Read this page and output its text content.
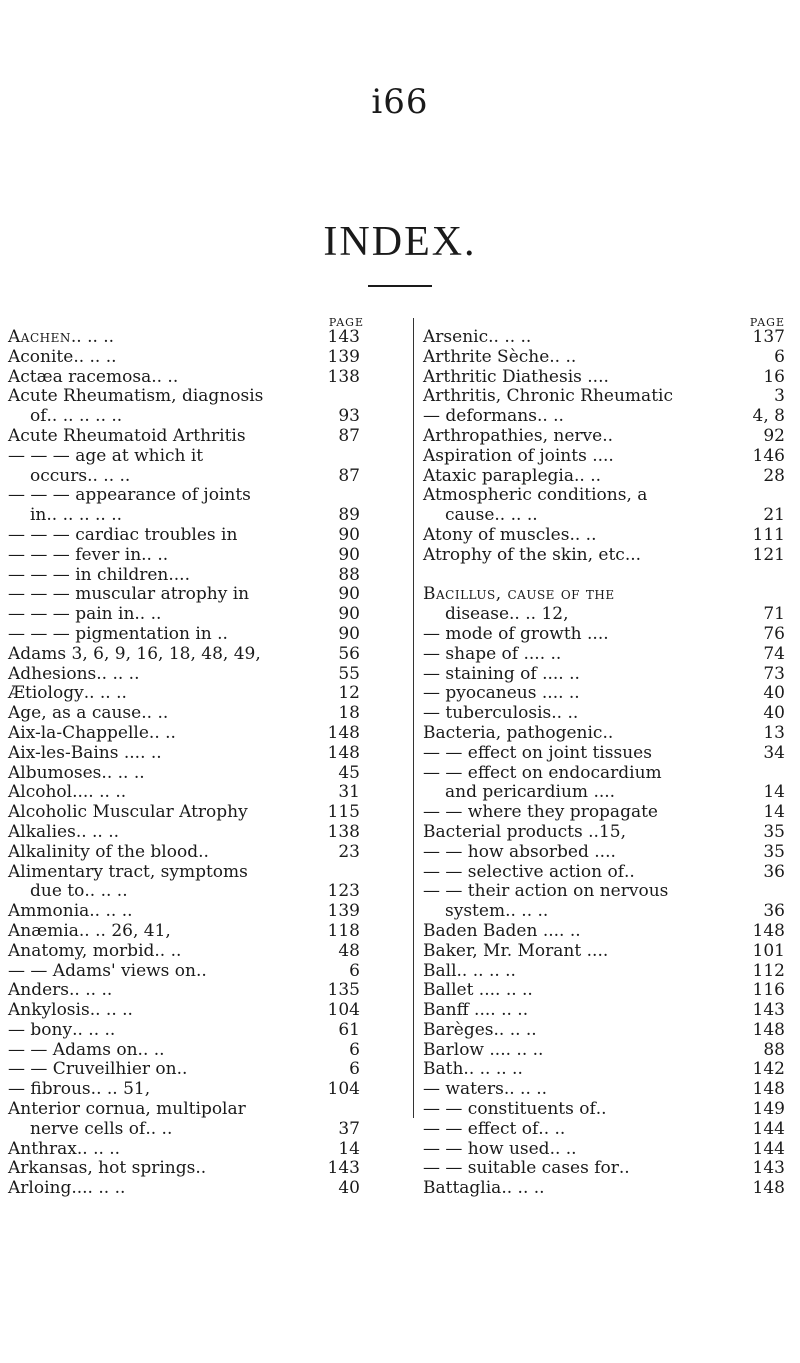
i66
INDEX.
PAGE	PAGE
Aachen .. .. ..	143
Aconite .. .. ..	139
Actæa racemosa .. ..	138
Acute Rheumatism, diagnosis
of .. .. .. .. ..	93
Acute Rheumatoid Arthritis	87
— — — age at which it
occurs .. .. ..	87
— — — appearance of joints
in .. .. .. .. ..	89
— — — cardiac troubles in	90
— — — fever in .. ..	90
— — — in children.. ..	88
— — — muscular atrophy in	90
— — — pain in .. ..	90
— — — pigmentation in ..	90
Adams 3, 6, 9, 16, 18, 48, 49,	56
Adhesions .. .. ..	55
Ætiology .. .. ..	12
Age, as a cause .. ..	18
Aix-la-Chappelle .. ..	148
Aix-les-Bains .. .. ..	148
Albumoses .. .. ..	45
Alcohol.. .. .. ..	31
Alcoholic Muscular Atrophy	115
Alkalies .. .. ..	138
Alkalinity of the blood ..	23
Alimentary tract, symptoms
due to .. .. ..	123
Ammonia .. .. ..	139
Anæmia .. .. 26, 41,	118
Anatomy, morbid .. ..	48
— — Adams' views on ..	6
Anders .. .. ..	135
Ankylosis .. .. ..	104
— bony .. .. ..	61
— — Adams on .. ..	6
— — Cruveilhier on ..	6
— fibrous .. .. 51,	104
Anterior cornua, multipolar
nerve cells of .. ..	37
Anthrax .. .. ..	14
Arkansas, hot springs ..	143
Arloing.. .. .. ..	40
Arsenic .. .. ..	137
Arthrite Sèche .. ..	6
Arthritic Diathesis .. ..	16
Arthritis, Chronic Rheumatic	3
— deformans .. ..	4, 8
Arthropathies, nerve ..	92
Aspiration of joints .. ..	146
Ataxic paraplegia .. ..	28
Atmospheric conditions, a
cause .. .. ..	21
Atony of muscles .. ..	111
Atrophy of the skin, etc. ..	121
Bacillus, cause of the
disease .. .. 12,	71
— mode of growth .. ..	76
— shape of .. .. ..	74
— staining of .. .. ..	73
— pyocaneus .. .. ..	40
— tuberculosis .. ..	40
Bacteria, pathogenic ..	13
— — effect on joint tissues	34
— — effect on endocardium
and pericardium .. ..	14
— — where they propagate	14
Bacterial products .. 15,	35
— — how absorbed .. ..	35
— — selective action of ..	36
— — their action on nervous
system .. .. ..	36
Baden Baden .. .. ..	148
Baker, Mr. Morant .. ..	101
Ball .. .. .. ..	112
Ballet .. .. .. ..	116
Banff .. .. .. ..	143
Barèges .. .. ..	148
Barlow .. .. .. ..	88
Bath .. .. .. ..	142
— waters .. .. ..	148
— — constituents of ..	149
— — effect of .. ..	144
— — how used .. ..	144
— — suitable cases for ..	143
Battaglia .. .. ..	148
